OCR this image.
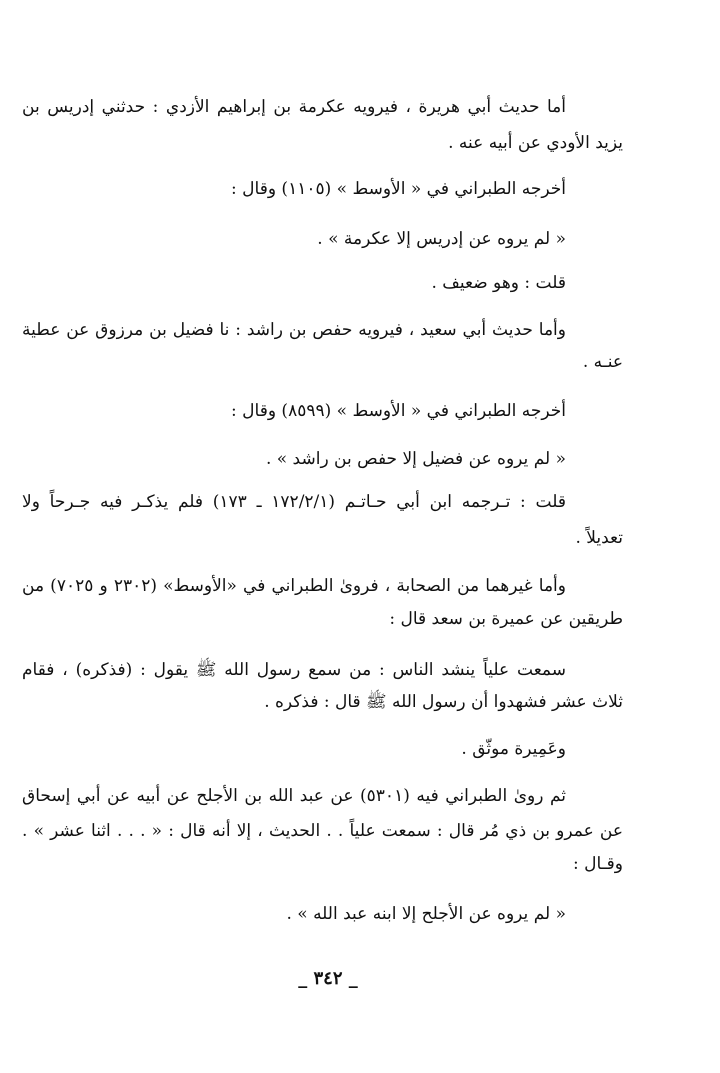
أما حديث أبي هريرة ، فيرويه عكرمة بن إبراهيم الأزدي : حدثني إدريس بن
يزيد الأودي عن أبيه عنه .
أخرجه الطبراني في « الأوسط » (١١٠٥) وقال :
« لم يروه عن إدريس إلا عكرمة » .
قلت : وهو ضعيف .
وأما حديث أبي سعيد ، فيرويه حفص بن راشد : نا فضيل بن مرزوق عن عطية
عنـه .
أخرجه الطبراني في « الأوسط » (٨٥٩٩) وقال :
« لم يروه عن فضيل إلا حفص بن راشد » .
قلت : تـرجمه ابن أبي حـاتـم (١٧٢/٢/١ ـ ١٧٣) فلم يذكـر فيه جـرحاً ولا
تعديلاً .
وأما غيرهما من الصحابة ، فروىٰ الطبراني في «الأوسط» (٢٣٠٢ و ٧٠٢٥) من
طريقين عن عميرة بن سعد قال :
سمعت علياً ينشد الناس : من سمع رسول الله ﷺ يقول : (فذكره) ، فقام
ثلاث عشر فشهدوا أن رسول الله ﷺ قال : فذكره .
وعَمِيرة موثّق .
ثم روىٰ الطبراني فيه (٥٣٠١) عن عبد الله بن الأجلح عن أبيه عن أبي إسحاق
عن عمرو بن ذي مُر قال : سمعت علياً . . الحديث ، إلا أنه قال : « . . . اثنا عشر » .
وقـال :
« لم يروه عن الأجلح إلا ابنه عبد الله » .
_ ٣٤٢ _
